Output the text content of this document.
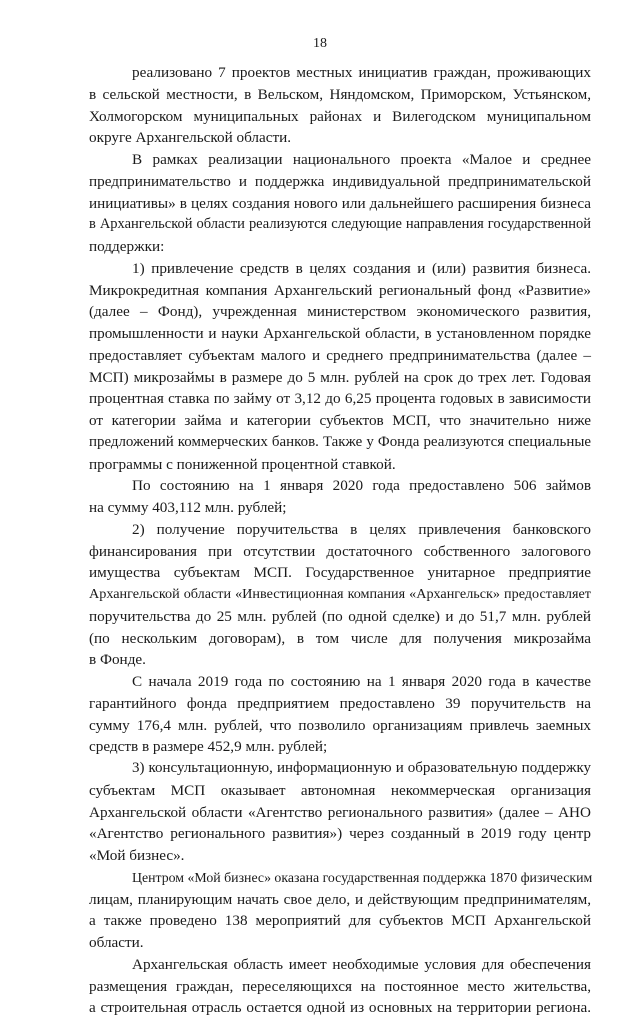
18

реализовано 7 проектов местных инициатив граждан, проживающих
в сельской местности, в Вельском, Няндомском, Приморском, Устьянском,
Холмогорском муниципальных районах и Вилегодском муниципальном
округе Архангельской области.

В рамках реализации национального проекта «Малое и среднее
предпринимательство и поддержка индивидуальной предпринимательской
инициативы» в целях создания нового или дальнейшего расширения бизнеса
в Архангельской области реализуются следующие направления государственной
поддержки:

1) привлечение средств в целях создания и (или) развития бизнеса.
Микрокредитная компания Архангельский региональный фонд «Развитие»
(далее – Фонд), учрежденная министерством экономического развития,
промышленности и науки Архангельской области, в установленном порядке
предоставляет субъектам малого и среднего предпринимательства (далее –
МСП) микрозаймы в размере до 5 млн. рублей на срок до трех лет. Годовая
процентная ставка по займу от 3,12 до 6,25 процента годовых в зависимости
от категории займа и категории субъектов МСП, что значительно ниже
предложений коммерческих банков. Также у Фонда реализуются специальные
программы с пониженной процентной ставкой.

По состоянию на 1 января 2020 года предоставлено 506 займов
на сумму 403,112 млн. рублей;

2) получение поручительства в целях привлечения банковского
финансирования при отсутствии достаточного собственного залогового
имущества субъектам МСП. Государственное унитарное предприятие
Архангельской области «Инвестиционная компания «Архангельск» предоставляет
поручительства до 25 млн. рублей (по одной сделке) и до 51,7 млн. рублей
(по нескольким договорам), в том числе для получения микрозайма
в Фонде.

С начала 2019 года по состоянию на 1 января 2020 года в качестве
гарантийного фонда предприятием предоставлено 39 поручительств на
сумму 176,4 млн. рублей, что позволило организациям привлечь заемных
средств в размере 452,9 млн. рублей;

3) консультационную, информационную и образовательную поддержку
субъектам МСП оказывает автономная некоммерческая организация
Архангельской области «Агентство регионального развития» (далее – АНО
«Агентство регионального развития») через созданный в 2019 году центр
«Мой бизнес».

Центром «Мой бизнес» оказана государственная поддержка 1870 физическим
лицам, планирующим начать свое дело, и действующим предпринимателям,
а также проведено 138 мероприятий для субъектов МСП Архангельской
области.

Архангельская область имеет необходимые условия для обеспечения
размещения граждан, переселяющихся на постоянное место жительства,
а строительная отрасль остается одной из основных на территории региона.
